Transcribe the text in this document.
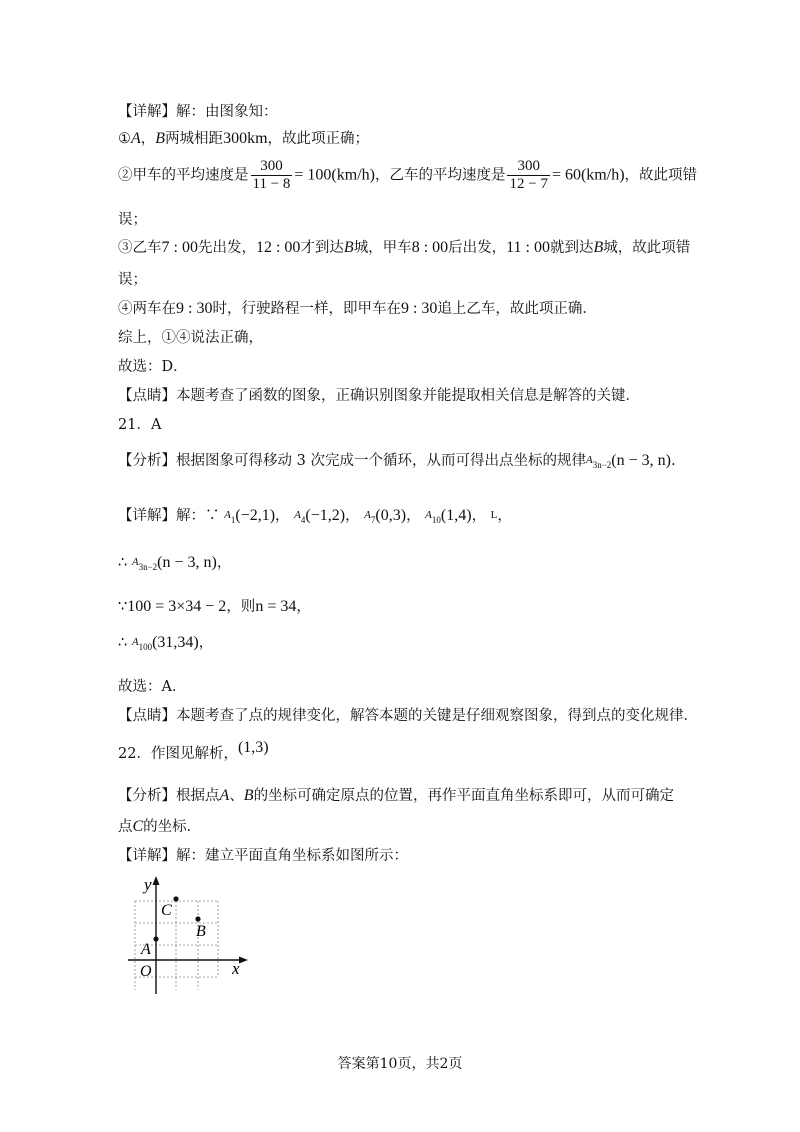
【详解】解：由图象知：
①A，B两城相距300km，故此项正确；
②甲车的平均速度是 $\frac{300}{11 - 8} = 100(km/h)$，乙车的平均速度是 $\frac{300}{12 - 7} = 60(km/h)$，故此项错
误；
③乙车7 : 00先出发，12 : 00才到达B城，甲车8 : 00后出发，11 : 00就到达B城，故此项错
误；
④两车在9 : 30时，行驶路程一样，即甲车在9 : 30追上乙车，故此项正确．
综上，①④说法正确，
故选：D．
【点睛】本题考查了函数的图象，正确识别图象并能提取相关信息是解答的关键．
21．A
【分析】根据图象可得移动 3 次完成一个循环，从而可得出点坐标的规律$A_{3n-2}(n - 3$, n).
【详解】解：∵ $A_1(-2,1)$， $A_4(-1,2)$， $A_7(0,3)$， $A_{10}(1,4)$， L，
∴ $A_{3n-2}(n - 3$, n)，
∵100 = 3×34 − 2，则n = 34，
∴ $A_{100}(31,34)$，
故选：A．
【点睛】本题考查了点的规律变化，解答本题的关键是仔细观察图象，得到点的变化规律．
22．作图见解析，(1,3)
【分析】根据点A、B的坐标可确定原点的位置，再作平面直角坐标系即可，从而可确定
点C的坐标．
【详解】解：建立平面直角坐标系如图所示：
y
x
O
A
C
B
答案第10页，共2页
